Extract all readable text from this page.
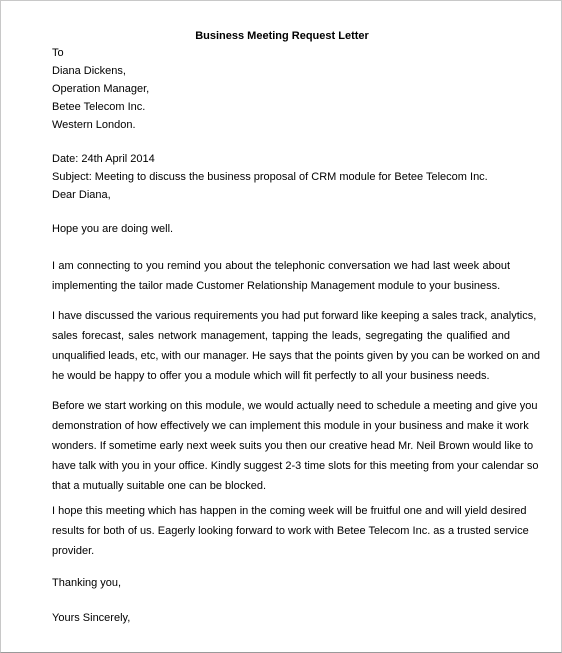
Business Meeting Request Letter
To
Diana Dickens,
Operation Manager,
Betee Telecom Inc.
Western London.
Date: 24th April 2014
Subject: Meeting to discuss the business proposal of CRM module for Betee Telecom Inc.
Dear Diana,
Hope you are doing well.
I am connecting to you remind you about the telephonic conversation we had last week about
implementing the tailor made Customer Relationship Management module to your business.
I have discussed the various requirements you had put forward like keeping a sales track, analytics,
sales forecast, sales network management, tapping the leads, segregating the qualified and
unqualified leads, etc, with our manager. He says that the points given by you can be worked on and
he would be happy to offer you a module which will fit perfectly to all your business needs.
Before we start working on this module, we would actually need to schedule a meeting and give you
demonstration of how effectively we can implement this module in your business and make it work
wonders. If sometime early next week suits you then our creative head Mr. Neil Brown would like to
have talk with you in your office. Kindly suggest 2-3 time slots for this meeting from your calendar so
that a mutually suitable one can be blocked.
I hope this meeting which has happen in the coming week will be fruitful one and will yield desired
results for both of us. Eagerly looking forward to work with Betee Telecom Inc. as a trusted service
provider.
Thanking you,
Yours Sincerely,
